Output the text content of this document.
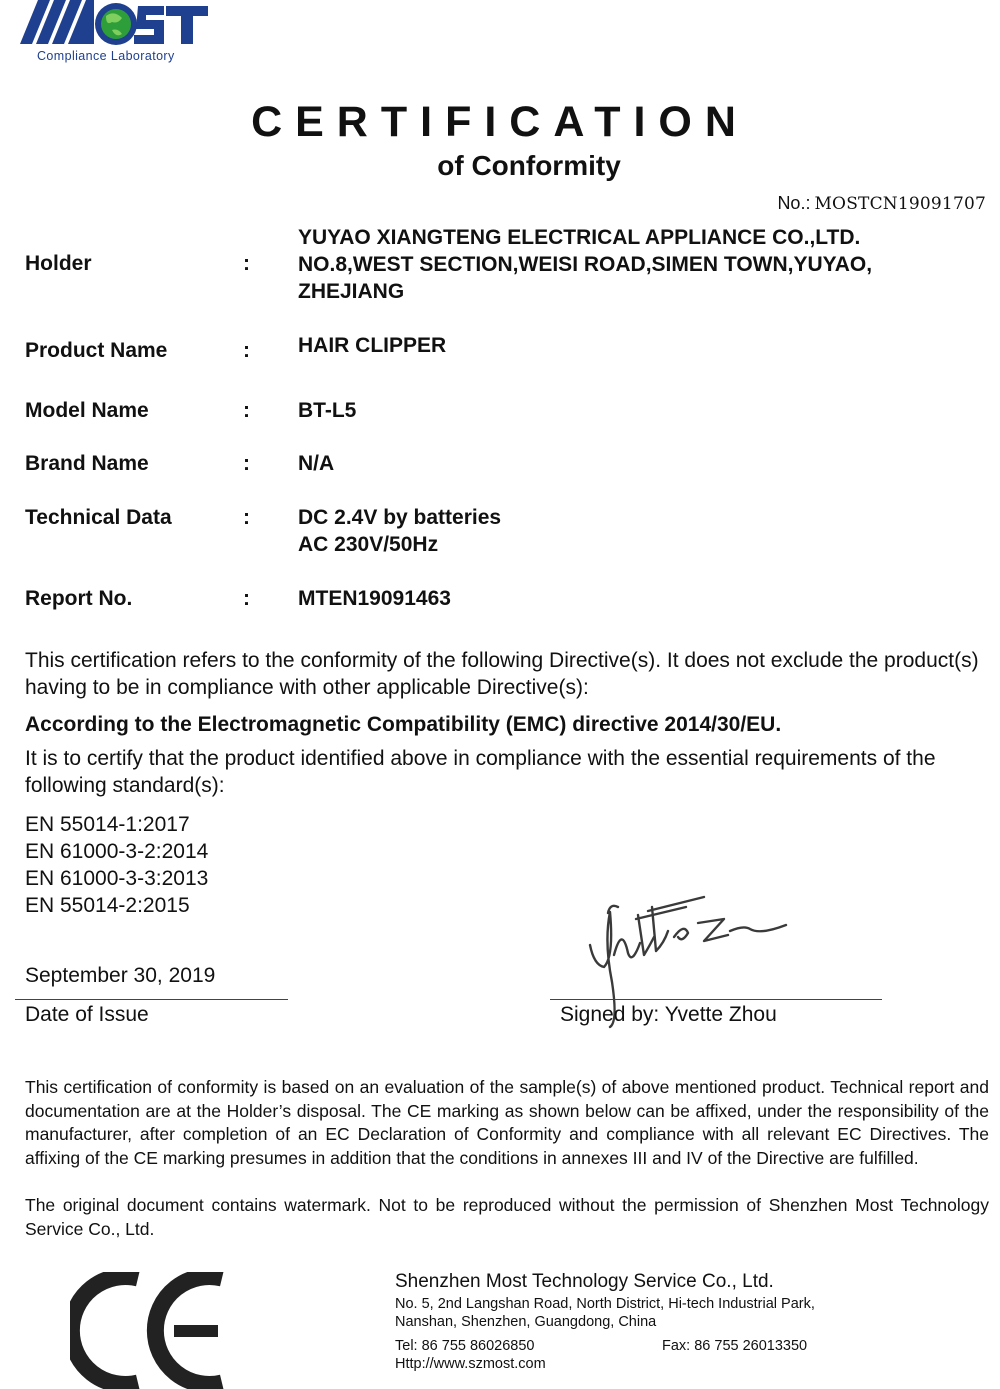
Compliance Laboratory
CERTIFICATION
of Conformity
No.: MOSTCN19091707
Holder	:
YUYAO XIANGTENG ELECTRICAL APPLIANCE CO.,LTD.
NO.8,WEST SECTION,WEISI ROAD,SIMEN TOWN,YUYAO,
ZHEJIANG
Product Name	: HAIR CLIPPER
Model Name	: BT-L5
Brand Name	: N/A
Technical Data	: DC 2.4V by batteries
AC 230V/50Hz
Report No.	: MTEN19091463
This certification refers to the conformity of the following Directive(s). It does not exclude the product(s) having to be in compliance with other applicable Directive(s):
According to the Electromagnetic Compatibility (EMC) directive 2014/30/EU.
It is to certify that the product identified above in compliance with the essential requirements of the following standard(s):
EN 55014-1:2017
EN 61000-3-2:2014
EN 61000-3-3:2013
EN 55014-2:2015
September 30, 2019
Date of Issue	Signed by: Yvette Zhou
This certification of conformity is based on an evaluation of the sample(s) of above mentioned product. Technical report and documentation are at the Holder’s disposal. The CE marking as shown below can be affixed, under the responsibility of the manufacturer, after completion of an EC Declaration of Conformity and compliance with all relevant EC Directives. The affixing of the CE marking presumes in addition that the conditions in annexes III and IV of the Directive are fulfilled.
The original document contains watermark. Not to be reproduced without the permission of Shenzhen Most Technology Service Co., Ltd.
Shenzhen Most Technology Service Co., Ltd.
No. 5, 2nd Langshan Road, North District, Hi-tech Industrial Park,
Nanshan, Shenzhen, Guangdong, China
Tel: 86 755 86026850	Fax: 86 755 26013350
Http://www.szmost.com
